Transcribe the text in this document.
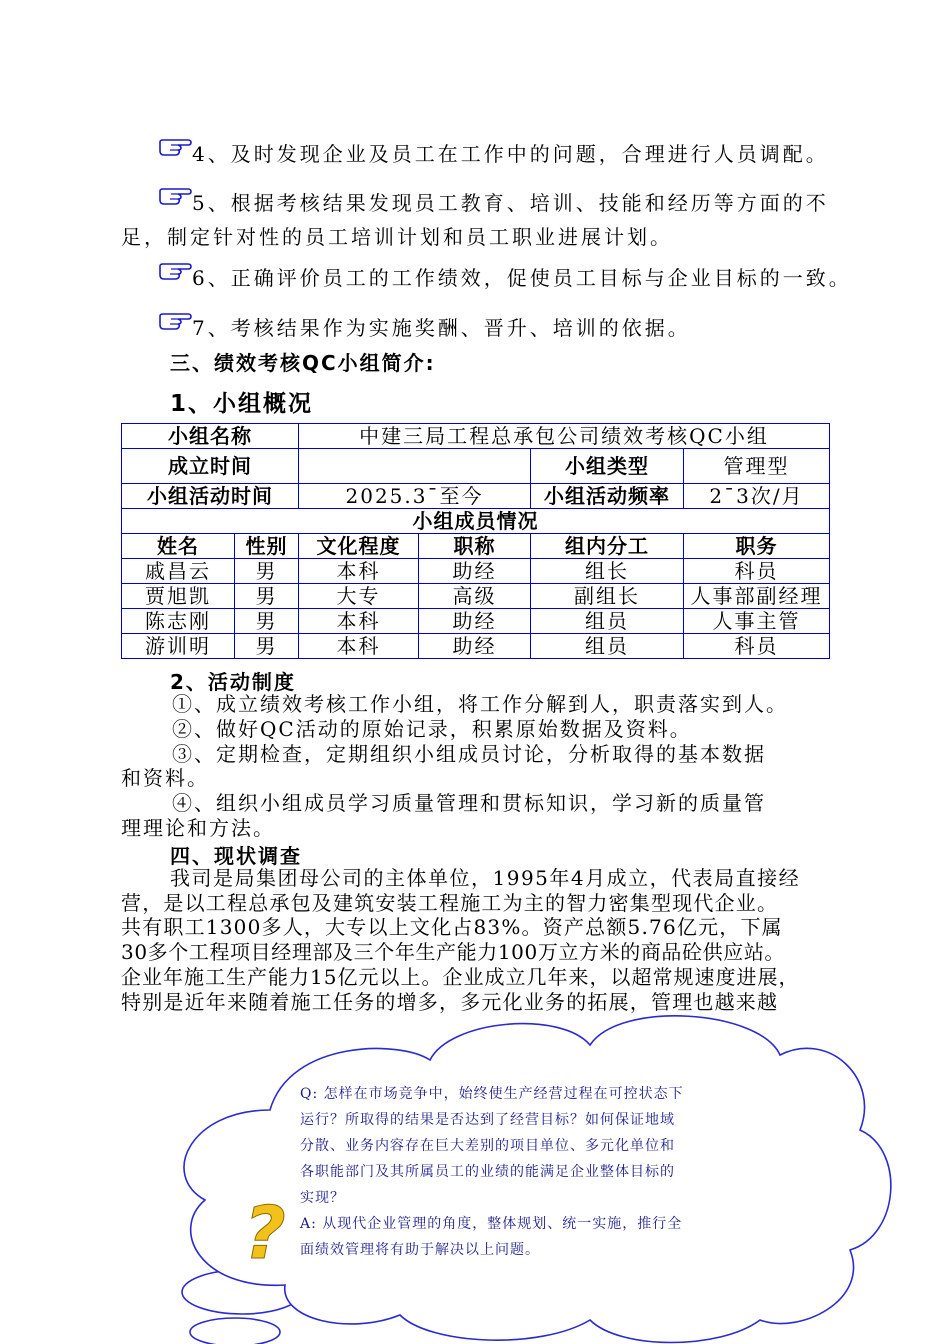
4、及时发现企业及员工在工作中的问题，合理进行人员调配。
5、根据考核结果发现员工教育、培训、技能和经历等方面的不
足，制定针对性的员工培训计划和员工职业进展计划。
6、正确评价员工的工作绩效，促使员工目标与企业目标的一致。
7、考核结果作为实施奖酬、晋升、培训的依据。
三、绩效考核QC小组简介:
1、小组概况
小组名称		中建三局工程总承包公司绩效考核QC小组			
成立时间				小组类型	管理型
小组活动时间		2025.3¯至今		小组活动频率	2¯3次/月
小组成员情况					
姓名	性别	文化程度	职称	组内分工	职务
戚昌云	男	本科	助经	组长	科员
贾旭凯	男	大专	高级	副组长	人事部副经理
陈志刚	男	本科	助经	组员	人事主管
游训明	男	本科	助经	组员	科员
2、活动制度
①、成立绩效考核工作小组，将工作分解到人，职责落实到人。
②、做好QC活动的原始记录，积累原始数据及资料。
③、定期检查，定期组织小组成员讨论，分析取得的基本数据
和资料。
④、组织小组成员学习质量管理和贯标知识，学习新的质量管
理理论和方法。
四、现状调查
我司是局集团母公司的主体单位，1995年4月成立，代表局直接经
营，是以工程总承包及建筑安装工程施工为主的智力密集型现代企业。
共有职工1300多人，大专以上文化占83%。资产总额5.76亿元，下属
30多个工程项目经理部及三个年生产能力100万立方米的商品砼供应站。
企业年施工生产能力15亿元以上。企业成立几年来，以超常规速度进展，
特别是近年来随着施工任务的增多，多元化业务的拓展，管理也越来越
?
Q: 怎样在市场竞争中，始终使生产经营过程在可控状态下
运行？所取得的结果是否达到了经营目标？如何保证地域
分散、业务内容存在巨大差别的项目单位、多元化单位和
各职能部门及其所属员工的业绩的能满足企业整体目标的
实现？
A: 从现代企业管理的角度，整体规划、统一实施，推行全
面绩效管理将有助于解决以上问题。
